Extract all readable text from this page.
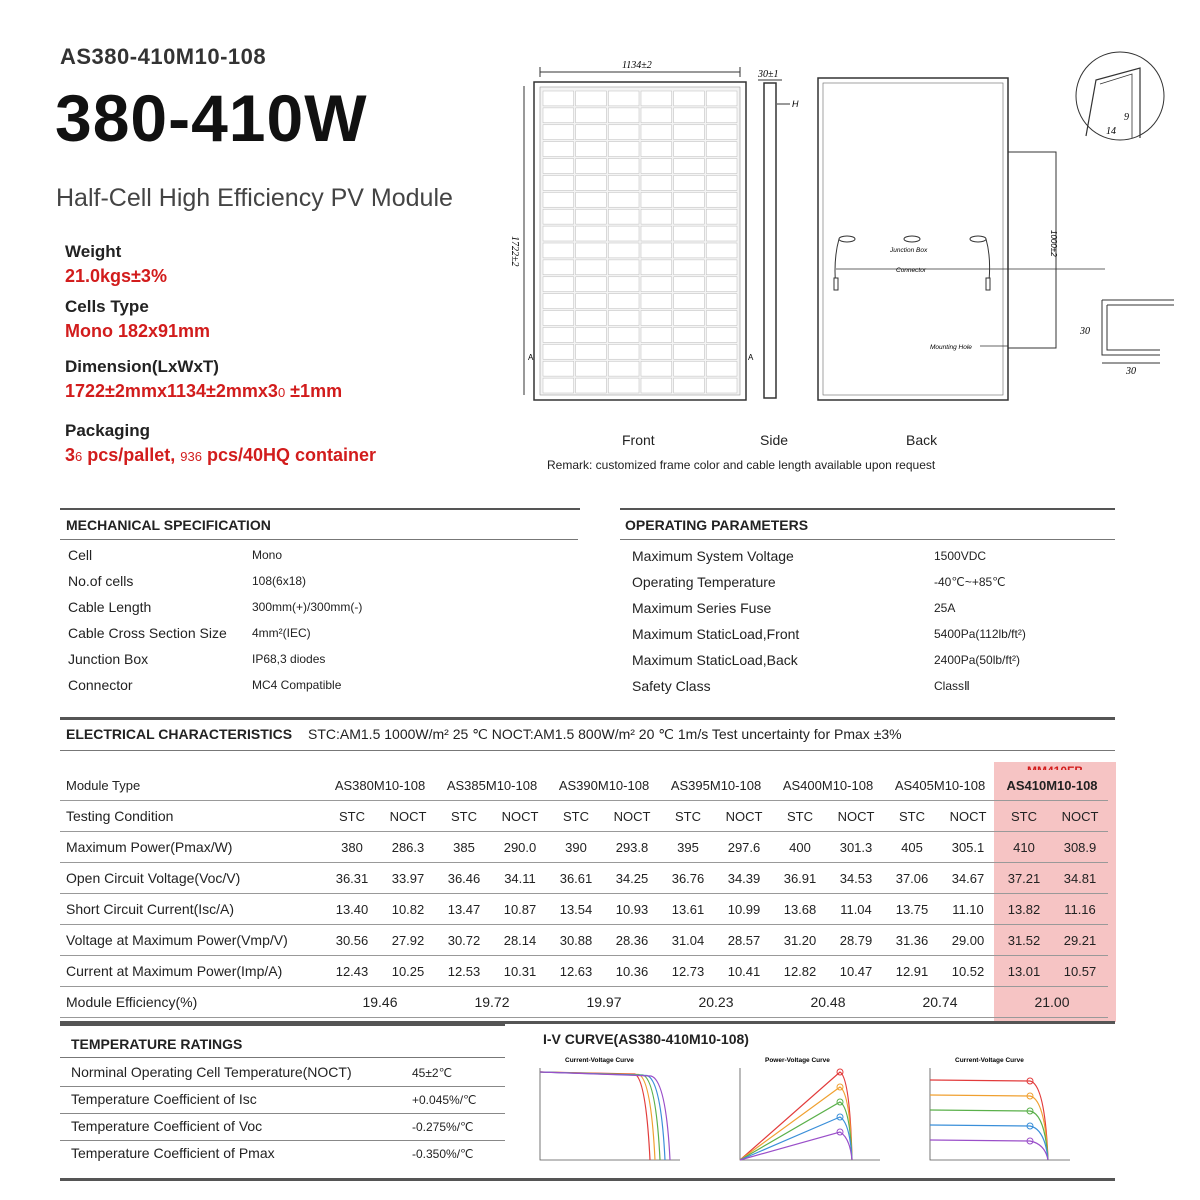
AS380-410M10-108
380-410W
Half-Cell High Efficiency PV Module
Weight
21.0kgs±3%
Cells Type
Mono 182x91mm
Dimension(LxWxT)
1722±2mmx1134±2mmx30 ±1mm
Packaging
36 pcs/pallet, 936 pcs/40HQ container
1134±2
1722±2
A	A
30±1
H
1000±2
Junction Box
Connector
Mounting Hole
14
9
30
30
Front	Side	Back
Remark: customized frame color and cable length available upon request
MECHANICAL SPECIFICATION
Cell	Mono
No.of cells	108(6x18)
Cable Length	300mm(+)/300mm(-)
Cable Cross Section Size 4mm²(IEC)
Junction Box	IP68,3 diodes
Connector	MC4 Compatible
OPERATING PARAMETERS
Maximum System Voltage	1500VDC
Operating Temperature	-40℃~+85℃
Maximum Series Fuse	25A
Maximum StaticLoad,Front	5400Pa(112lb/ft²)
Maximum StaticLoad,Back	2400Pa(50lb/ft²)
Safety Class	ClassⅡ
ELECTRICAL CHARACTERISTICS STC:AM1.5 1000W/m² 25 ℃ NOCT:AM1.5 800W/m² 20 ℃ 1m/s Test uncertainty for Pmax ±3%
Module Type	AS380M10-108		AS385M10-108		AS390M10-108		AS395M10-108		AS400M10-108		AS405M10-108		AS410M10-108	
Testing Condition	STC	NOCT	STC	NOCT	STC	NOCT	STC	NOCT	STC	NOCT	STC	NOCT	STC	NOCT
Maximum Power(Pmax/W)	380	286.3	385	290.0	390	293.8	395	297.6	400	301.3	405	305.1	410	308.9
Open Circuit Voltage(Voc/V)	36.31	33.97	36.46	34.11	36.61	34.25	36.76	34.39	36.91	34.53	37.06	34.67	37.21	34.81
Short Circuit Current(Isc/A)	13.40	10.82	13.47	10.87	13.54	10.93	13.61	10.99	13.68	11.04	13.75	11.10	13.82	11.16
Voltage at Maximum Power(Vmp/V)	30.56	27.92	30.72	28.14	30.88	28.36	31.04	28.57	31.20	28.79	31.36	29.00	31.52	29.21
Current at Maximum Power(Imp/A)	12.43	10.25	12.53	10.31	12.63	10.36	12.73	10.41	12.82	10.47	12.91	10.52	13.01	10.57
Module Efficiency(%)	19.46		19.72		19.97		20.23		20.48		20.74		21.00	
TEMPERATURE RATINGS
Norminal Operating Cell Temperature(NOCT)	45±2℃
Temperature Coefficient of Isc	+0.045%/℃
Temperature Coefficient of Voc	-0.275%/℃
Temperature Coefficient of Pmax	-0.350%/℃
I-V CURVE(AS380-410M10-108)
Current-Voltage Curve	Power-Voltage Curve	Current-Voltage Curve
